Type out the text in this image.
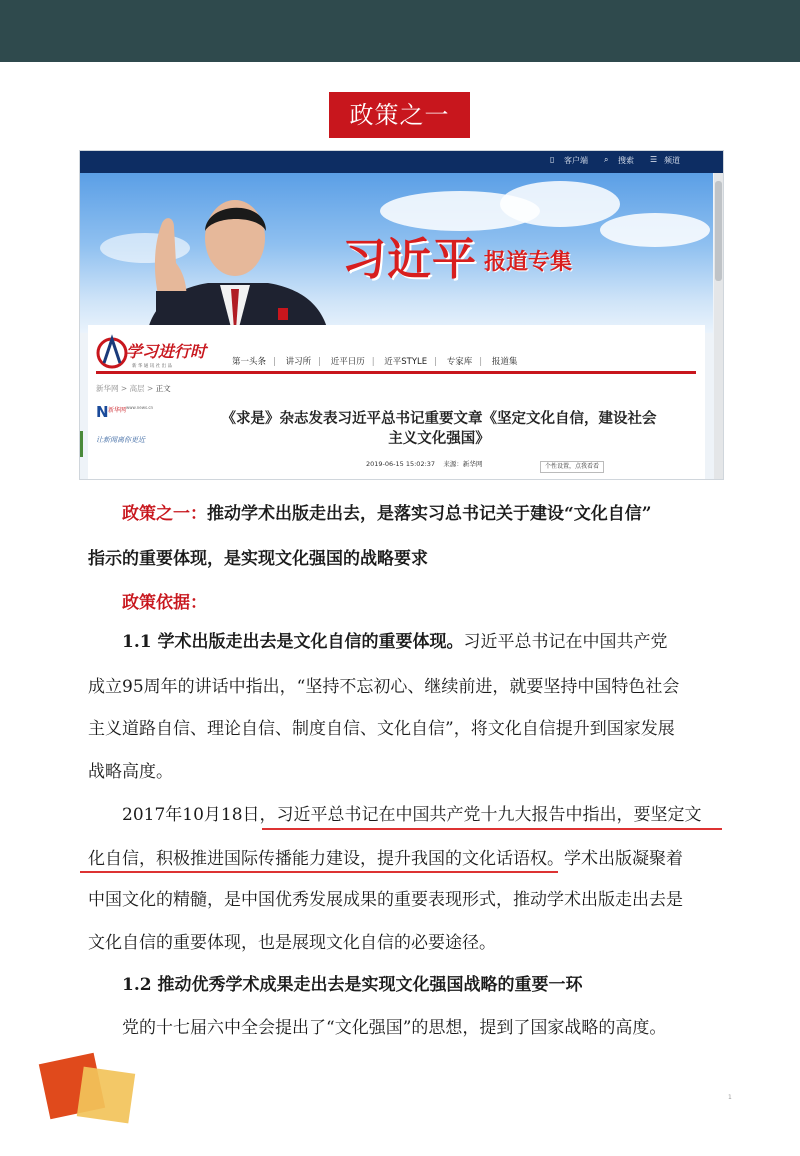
政策之一
▯ 客户端 ⌕ 搜索 ☰ 频道
习近平 报道专集
学习进行时
新 华 通 讯 社 出 品	第一头条 | 讲习所 | 近平日历 | 近平STYLE | 专家库 | 报道集
新华网 > 高层 > 正文
N 新华网 www.news.cn
让新闻离你更近
《求是》杂志发表习近平总书记重要文章《坚定文化自信，建设社会
主义文化强国》
2019-06-15 15:02:37 来源：新华网	个性设置，点我看看

政策之一：推动学术出版走出去，是落实习总书记关于建设“文化自信”

指示的重要体现，是实现文化强国的战略要求

政策依据：

1.1 学术出版走出去是文化自信的重要体现。习近平总书记在中国共产党

成立95周年的讲话中指出，“坚持不忘初心、继续前进，就要坚持中国特色社会

主义道路自信、理论自信、制度自信、文化自信”，将文化自信提升到国家发展

战略高度。

2017年10月18日，习近平总书记在中国共产党十九大报告中指出，要坚定文

化自信，积极推进国际传播能力建设，提升我国的文化话语权。学术出版凝聚着

中国文化的精髓，是中国优秀发展成果的重要表现形式，推动学术出版走出去是

文化自信的重要体现，也是展现文化自信的必要途径。

1.2 推动优秀学术成果走出去是实现文化强国战略的重要一环

党的十七届六中全会提出了“文化强国”的思想，提到了国家战略的高度。

1
